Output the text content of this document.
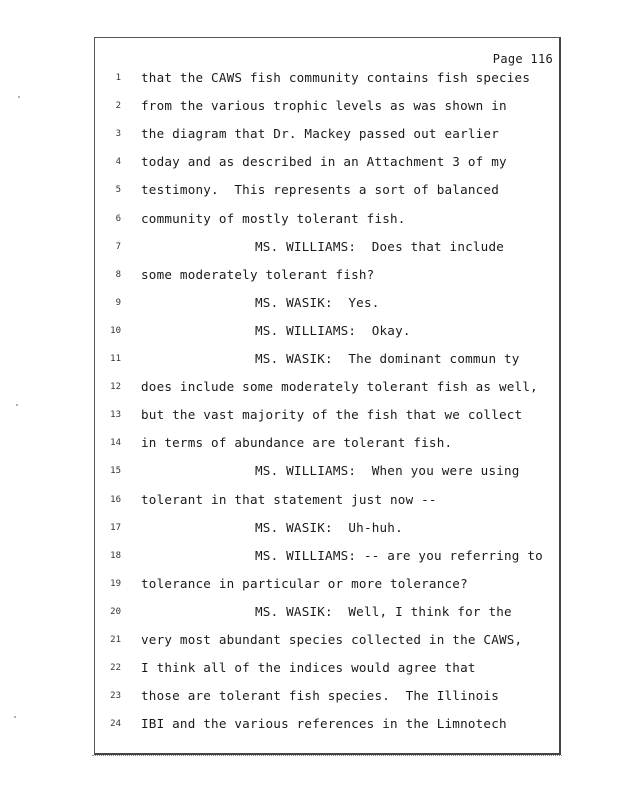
Page 116
1 that the CAWS fish community contains fish species
2 from the various trophic levels as was shown in
3 the diagram that Dr. Mackey passed out earlier
4 today and as described in an Attachment 3 of my
5 testimony.  This represents a sort of balanced
6 community of mostly tolerant fish.
7	MS. WILLIAMS:  Does that include
8 some moderately tolerant fish?
9	MS. WASIK:  Yes.
10	MS. WILLIAMS:  Okay.
11	MS. WASIK:  The dominant commun ty
12 does include some moderately tolerant fish as well,
13 but the vast majority of the fish that we collect
14 in terms of abundance are tolerant fish.
15	MS. WILLIAMS:  When you were using
16 tolerant in that statement just now --
17	MS. WASIK:  Uh-huh.
18	MS. WILLIAMS: -- are you referring to
19 tolerance in particular or more tolerance?
20	MS. WASIK:  Well, I think for the
21 very most abundant species collected in the CAWS,
22 I think all of the indices would agree that
23 those are tolerant fish species.  The Illinois
24 IBI and the various references in the Limnotech
